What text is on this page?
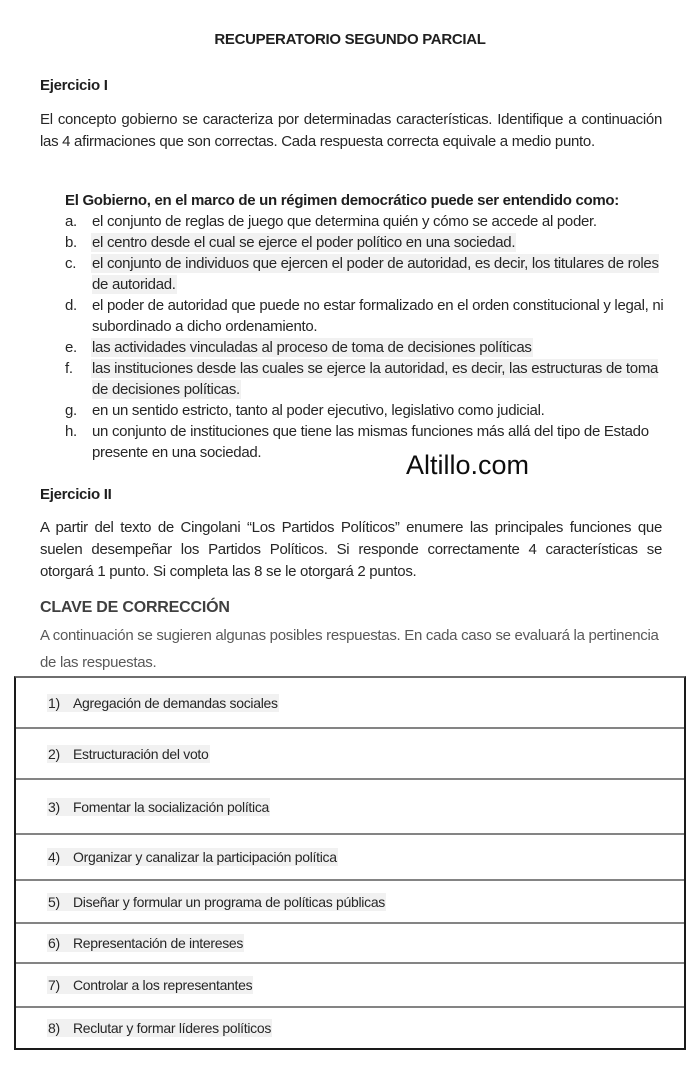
RECUPERATORIO SEGUNDO PARCIAL
Ejercicio I

El concepto gobierno se caracteriza por determinadas características. Identifique a continuación las 4 afirmaciones que son correctas. Cada respuesta correcta equivale a medio punto.

El Gobierno, en el marco de un régimen democrático puede ser entendido como:

a.	el conjunto de reglas de juego que determina quién y cómo se accede al poder.
b.	el centro desde el cual se ejerce el poder político en una sociedad.
c.	el conjunto de individuos que ejercen el poder de autoridad, es decir, los titulares de roles de autoridad.
d.	el poder de autoridad que puede no estar formalizado en el orden constitucional y legal, ni subordinado a dicho ordenamiento.
e.	las actividades vinculadas al proceso de toma de decisiones políticas
f.	las instituciones desde las cuales se ejerce la autoridad, es decir, las estructuras de toma de decisiones políticas.
g.	en un sentido estricto, tanto al poder ejecutivo, legislativo como judicial.
h.	un conjunto de instituciones que tiene las mismas funciones más allá del tipo de Estado presente en una sociedad.	Altillo.com
Ejercicio II

A partir del texto de Cingolani “Los Partidos Políticos” enumere las principales funciones que suelen desempeñar los Partidos Políticos. Si responde correctamente 4 características se otorgará 1 punto. Si completa las 8 se le otorgará 2 puntos.

CLAVE DE CORRECCIÓN

A continuación se sugieren algunas posibles respuestas. En cada caso se evaluará la pertinencia de las respuestas.

1) Agregación de demandas sociales
2) Estructuración del voto
3) Fomentar la socialización política
4) Organizar y canalizar la participación política
5) Diseñar y formular un programa de políticas públicas
6) Representación de intereses
7) Controlar a los representantes
8) Reclutar y formar líderes políticos
